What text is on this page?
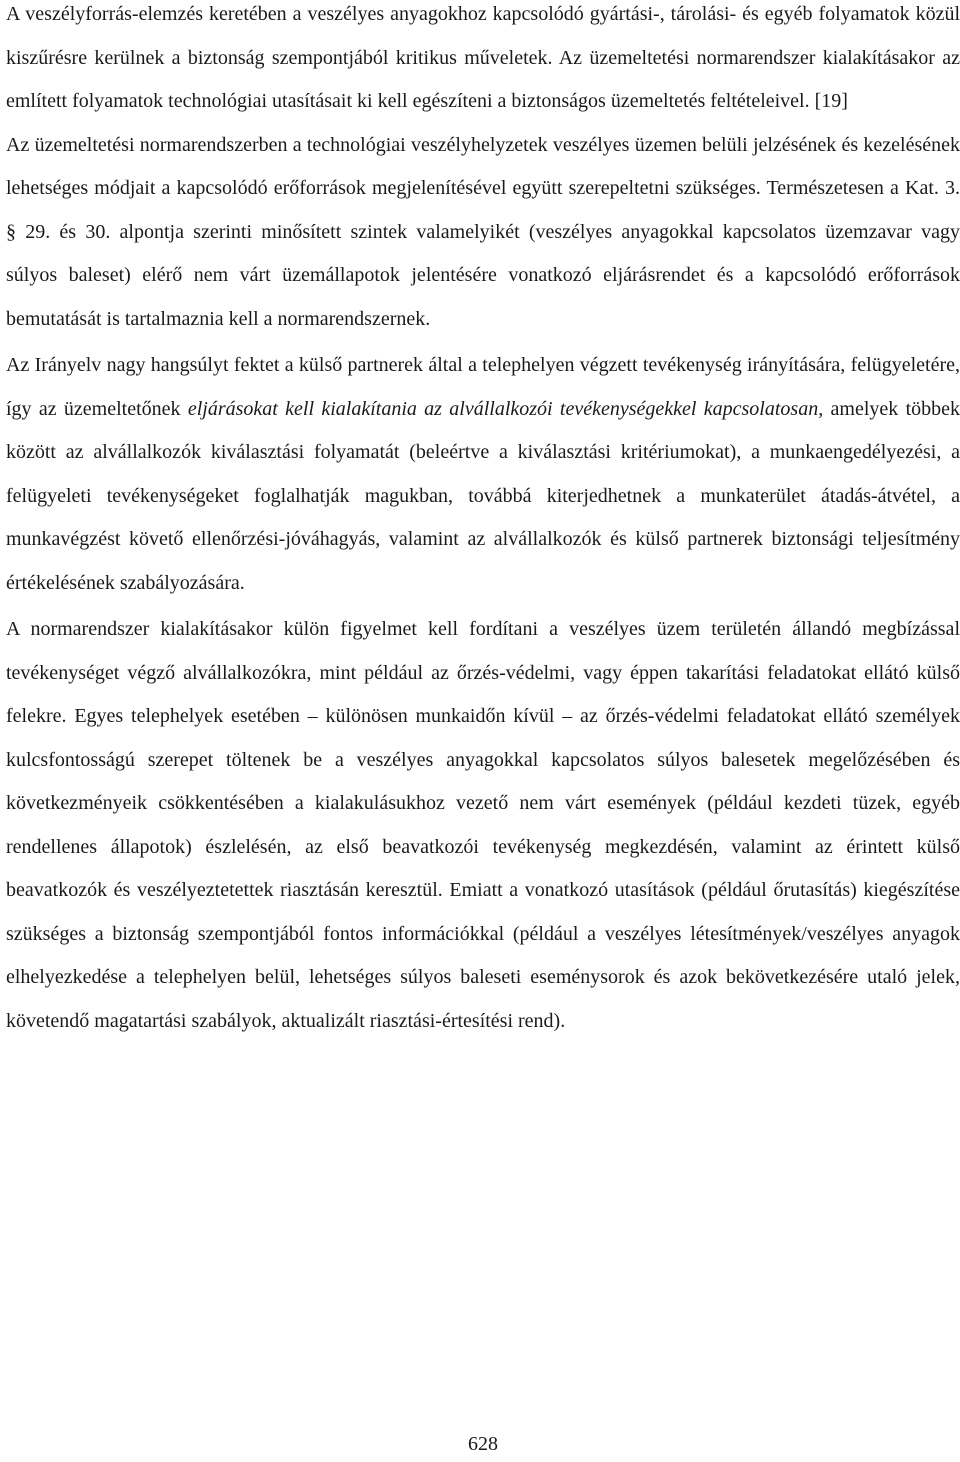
A veszélyforrás-elemzés keretében a veszélyes anyagokhoz kapcsolódó gyártási-, tárolási- és egyéb folyamatok közül kiszűrésre kerülnek a biztonság szempontjából kritikus műveletek. Az üzemeltetési normarendszer kialakításakor az említett folyamatok technológiai utasításait ki kell egészíteni a biztonságos üzemeltetés feltételeivel. [19]

Az üzemeltetési normarendszerben a technológiai veszélyhelyzetek veszélyes üzemen belüli jelzésének és kezelésének lehetséges módjait a kapcsolódó erőforrások megjelenítésével együtt szerepeltetni szükséges. Természetesen a Kat. 3. § 29. és 30. alpontja szerinti minősített szintek valamelyikét (veszélyes anyagokkal kapcsolatos üzemzavar vagy súlyos baleset) elérő nem várt üzemállapotok jelentésére vonatkozó eljárásrendet és a kapcsolódó erőforrások bemutatását is tartalmaznia kell a normarendszernek.

Az Irányelv nagy hangsúlyt fektet a külső partnerek által a telephelyen végzett tevékenység irányítására, felügyeletére, így az üzemeltetőnek eljárásokat kell kialakítania az alvállalkozói tevékenységekkel kapcsolatosan, amelyek többek között az alvállalkozók kiválasztási folyamatát (beleértve a kiválasztási kritériumokat), a munkaengedélyezési, a felügyeleti tevékenységeket foglalhatják magukban, továbbá kiterjedhetnek a munkaterület átadás-átvétel, a munkavégzést követő ellenőrzési-jóváhagyás, valamint az alvállalkozók és külső partnerek biztonsági teljesítmény értékelésének szabályozására.

A normarendszer kialakításakor külön figyelmet kell fordítani a veszélyes üzem területén állandó megbízással tevékenységet végző alvállalkozókra, mint például az őrzés-védelmi, vagy éppen takarítási feladatokat ellátó külső felekre. Egyes telephelyek esetében – különösen munkaidőn kívül – az őrzés-védelmi feladatokat ellátó személyek kulcsfontosságú szerepet töltenek be a veszélyes anyagokkal kapcsolatos súlyos balesetek megelőzésében és következményeik csökkentésében a kialakulásukhoz vezető nem várt események (például kezdeti tüzek, egyéb rendellenes állapotok) észlelésén, az első beavatkozói tevékenység megkezdésén, valamint az érintett külső beavatkozók és veszélyeztetettek riasztásán keresztül. Emiatt a vonatkozó utasítások (például őrutasítás) kiegészítése szükséges a biztonság szempontjából fontos információkkal (például a veszélyes létesítmények/veszélyes anyagok elhelyezkedése a telephelyen belül, lehetséges súlyos baleseti eseménysorok és azok bekövetkezésére utaló jelek, követendő magatartási szabályok, aktualizált riasztási-értesítési rend).

628
